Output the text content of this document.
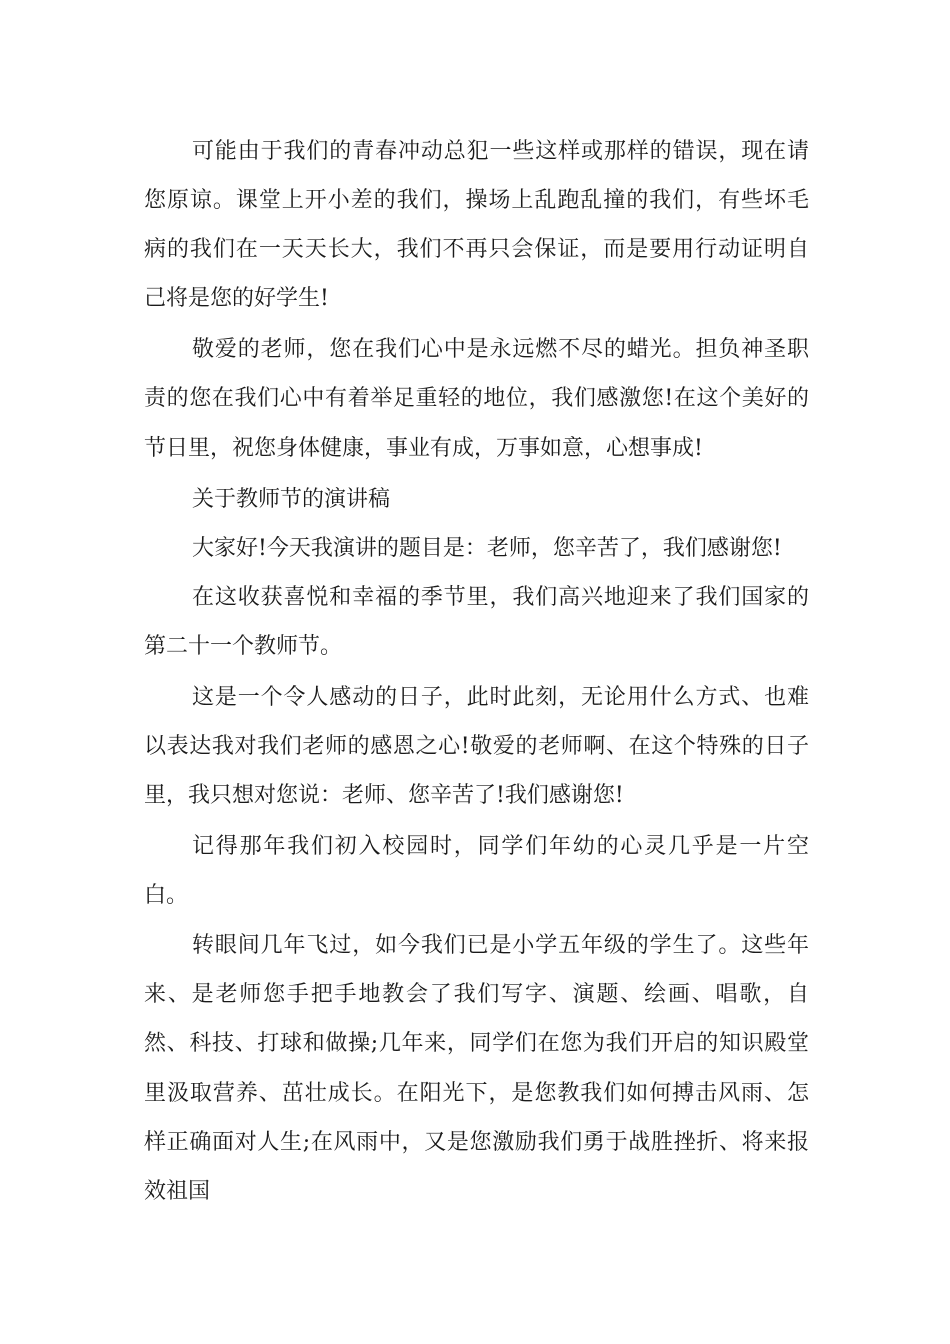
可能由于我们的青春冲动总犯一些这样或那样的错误，现在请
您原谅。课堂上开小差的我们，操场上乱跑乱撞的我们，有些坏毛
病的我们在一天天长大，我们不再只会保证，而是要用行动证明自
己将是您的好学生!
敬爱的老师，您在我们心中是永远燃不尽的蜡光。担负神圣职
责的您在我们心中有着举足重轻的地位，我们感激您!在这个美好的
节日里，祝您身体健康，事业有成，万事如意，心想事成!
关于教师节的演讲稿
大家好!今天我演讲的题目是：老师，您辛苦了，我们感谢您!
在这收获喜悦和幸福的季节里，我们高兴地迎来了我们国家的
第二十一个教师节。
这是一个令人感动的日子，此时此刻，无论用什么方式、也难
以表达我对我们老师的感恩之心!敬爱的老师啊、在这个特殊的日子
里，我只想对您说：老师、您辛苦了!我们感谢您!
记得那年我们初入校园时，同学们年幼的心灵几乎是一片空
白。
转眼间几年飞过，如今我们已是小学五年级的学生了。这些年
来、是老师您手把手地教会了我们写字、演题、绘画、唱歌，自
然、科技、打球和做操;几年来，同学们在您为我们开启的知识殿堂
里汲取营养、茁壮成长。在阳光下，是您教我们如何搏击风雨、怎
样正确面对人生;在风雨中，又是您激励我们勇于战胜挫折、将来报
效祖国
